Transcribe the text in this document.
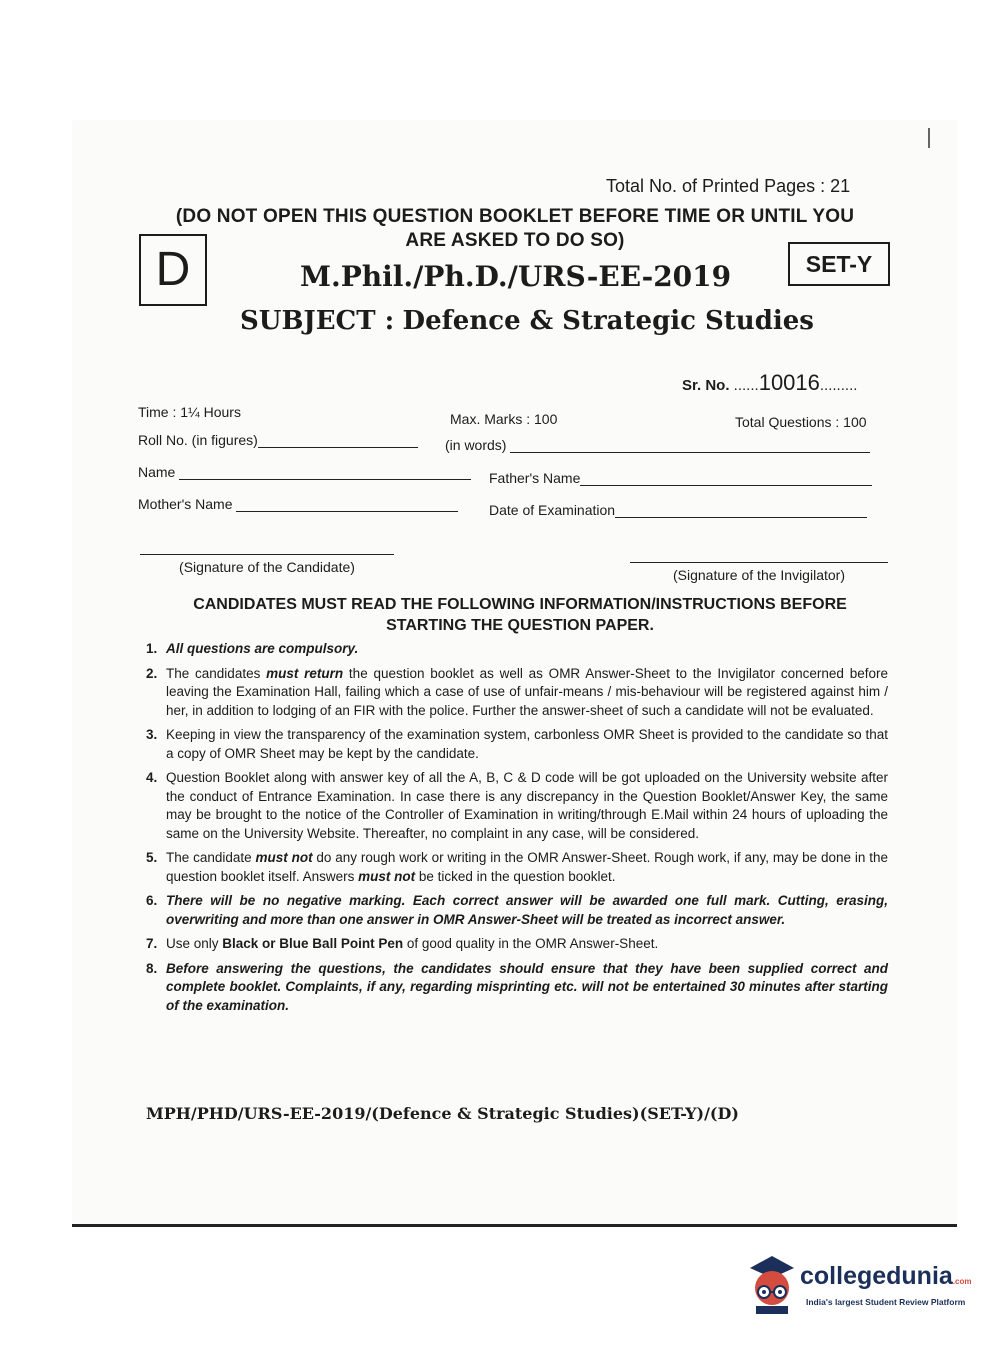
Total No. of Printed Pages : 21
(DO NOT OPEN THIS QUESTION BOOKLET BEFORE TIME OR UNTIL YOU
ARE ASKED TO DO SO)
D	SET-Y
M.Phil./Ph.D./URS-EE-2019
SUBJECT : Defence & Strategic Studies
Sr. No. ......10016.........
Time : 1¼ Hours	Max. Marks : 100	Total Questions : 100
Roll No. (in figures)	(in words)
Name	Father's Name
Mother's Name	Date of Examination
(Signature of the Candidate)	(Signature of the Invigilator)
CANDIDATES MUST READ THE FOLLOWING INFORMATION/INSTRUCTIONS BEFORE
STARTING THE QUESTION PAPER.
1. All questions are compulsory.
2. The candidates must return the question booklet as well as OMR Answer-Sheet to the Invigilator concerned before leaving the Examination Hall, failing which a case of use of unfair-means / mis-behaviour will be registered against him / her, in addition to lodging of an FIR with the police. Further the answer-sheet of such a candidate will not be evaluated.
3. Keeping in view the transparency of the examination system, carbonless OMR Sheet is provided to the candidate so that a copy of OMR Sheet may be kept by the candidate.
4. Question Booklet along with answer key of all the A, B, C & D code will be got uploaded on the University website after the conduct of Entrance Examination. In case there is any discrepancy in the Question Booklet/Answer Key, the same may be brought to the notice of the Controller of Examination in writing/through E.Mail within 24 hours of uploading the same on the University Website. Thereafter, no complaint in any case, will be considered.
5. The candidate must not do any rough work or writing in the OMR Answer-Sheet. Rough work, if any, may be done in the question booklet itself. Answers must not be ticked in the question booklet.
6. There will be no negative marking. Each correct answer will be awarded one full mark. Cutting, erasing, overwriting and more than one answer in OMR Answer-Sheet will be treated as incorrect answer.
7. Use only Black or Blue Ball Point Pen of good quality in the OMR Answer-Sheet.
8. Before answering the questions, the candidates should ensure that they have been supplied correct and complete booklet. Complaints, if any, regarding misprinting etc. will not be entertained 30 minutes after starting of the examination.
MPH/PHD/URS-EE-2019/(Defence & Strategic Studies)(SET-Y)/(D)
collegedunia.com
India's largest Student Review Platform
